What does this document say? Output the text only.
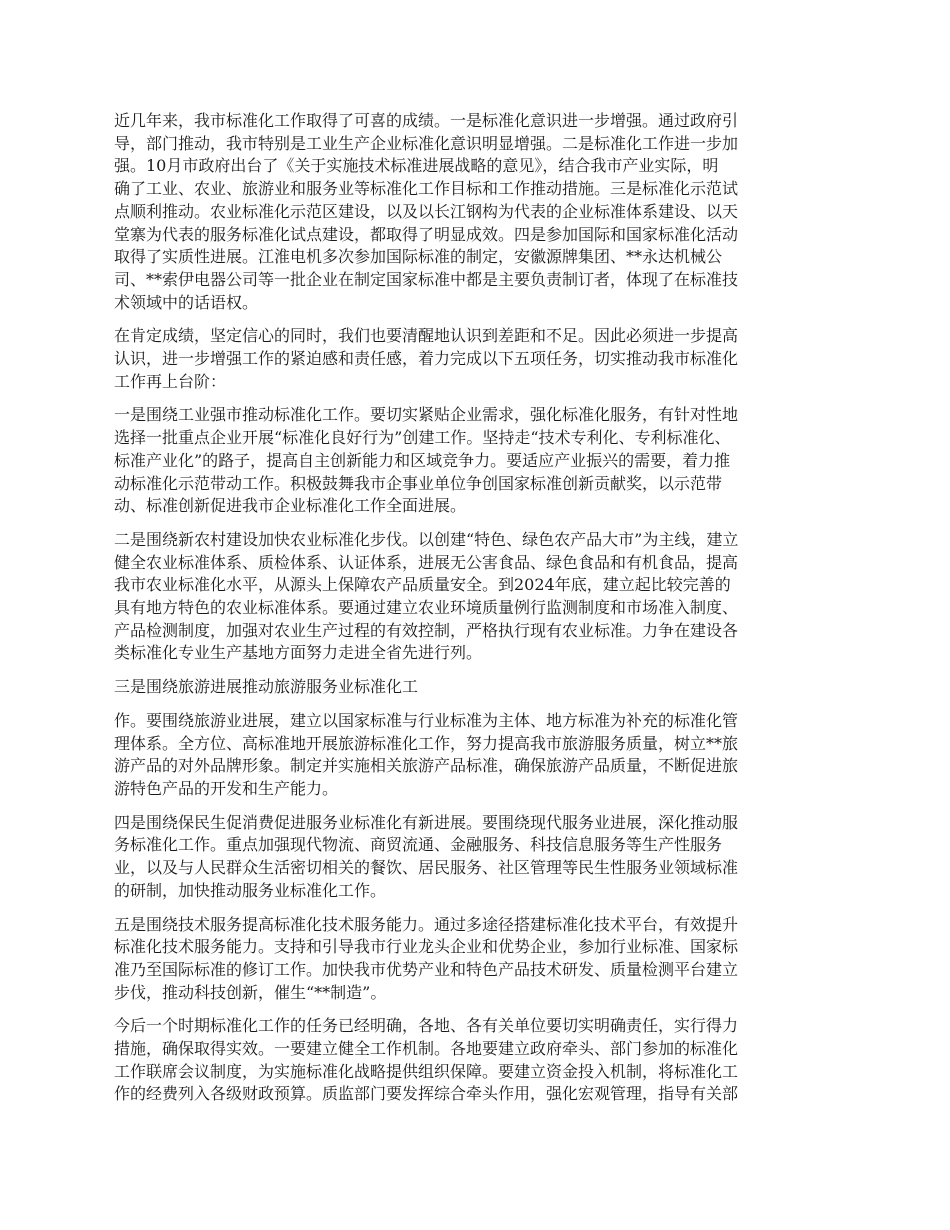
近几年来，我市标准化工作取得了可喜的成绩。一是标准化意识进一步增强。通过政府引
导，部门推动，我市特别是工业生产企业标准化意识明显增强。二是标准化工作进一步加
强。10月市政府出台了《关于实施技术标准进展战略的意见》，结合我市产业实际，明
确了工业、农业、旅游业和服务业等标准化工作目标和工作推动措施。三是标准化示范试
点顺利推动。农业标准化示范区建设，以及以长江钢构为代表的企业标准体系建设、以天
堂寨为代表的服务标准化试点建设，都取得了明显成效。四是参加国际和国家标准化活动
取得了实质性进展。江淮电机多次参加国际标准的制定，安徽源牌集团、**永达机械公
司、**索伊电器公司等一批企业在制定国家标准中都是主要负责制订者，体现了在标准技
术领域中的话语权。

在肯定成绩，坚定信心的同时，我们也要清醒地认识到差距和不足。因此必须进一步提高
认识，进一步增强工作的紧迫感和责任感，着力完成以下五项任务，切实推动我市标准化
工作再上台阶：

一是围绕工业强市推动标准化工作。要切实紧贴企业需求，强化标准化服务，有针对性地
选择一批重点企业开展“标准化良好行为”创建工作。坚持走“技术专利化、专利标准化、
标准产业化”的路子，提高自主创新能力和区域竞争力。要适应产业振兴的需要，着力推
动标准化示范带动工作。积极鼓舞我市企事业单位争创国家标准创新贡献奖，以示范带
动、标准创新促进我市企业标准化工作全面进展。

二是围绕新农村建设加快农业标准化步伐。以创建“特色、绿色农产品大市”为主线，建立
健全农业标准体系、质检体系、认证体系，进展无公害食品、绿色食品和有机食品，提高
我市农业标准化水平，从源头上保障农产品质量安全。到2024年底，建立起比较完善的
具有地方特色的农业标准体系。要通过建立农业环境质量例行监测制度和市场准入制度、
产品检测制度，加强对农业生产过程的有效控制，严格执行现有农业标准。力争在建设各
类标准化专业生产基地方面努力走进全省先进行列。

三是围绕旅游进展推动旅游服务业标准化工

作。要围绕旅游业进展，建立以国家标准与行业标准为主体、地方标准为补充的标准化管
理体系。全方位、高标准地开展旅游标准化工作，努力提高我市旅游服务质量，树立**旅
游产品的对外品牌形象。制定并实施相关旅游产品标准，确保旅游产品质量，不断促进旅
游特色产品的开发和生产能力。

四是围绕保民生促消费促进服务业标准化有新进展。要围绕现代服务业进展，深化推动服
务标准化工作。重点加强现代物流、商贸流通、金融服务、科技信息服务等生产性服务
业，以及与人民群众生活密切相关的餐饮、居民服务、社区管理等民生性服务业领域标准
的研制，加快推动服务业标准化工作。

五是围绕技术服务提高标准化技术服务能力。通过多途径搭建标准化技术平台，有效提升
标准化技术服务能力。支持和引导我市行业龙头企业和优势企业，参加行业标准、国家标
准乃至国际标准的修订工作。加快我市优势产业和特色产品技术研发、质量检测平台建立
步伐，推动科技创新，催生“**制造”。

今后一个时期标准化工作的任务已经明确，各地、各有关单位要切实明确责任，实行得力
措施，确保取得实效。一要建立健全工作机制。各地要建立政府牵头、部门参加的标准化
工作联席会议制度，为实施标准化战略提供组织保障。要建立资金投入机制，将标准化工
作的经费列入各级财政预算。质监部门要发挥综合牵头作用，强化宏观管理，指导有关部
